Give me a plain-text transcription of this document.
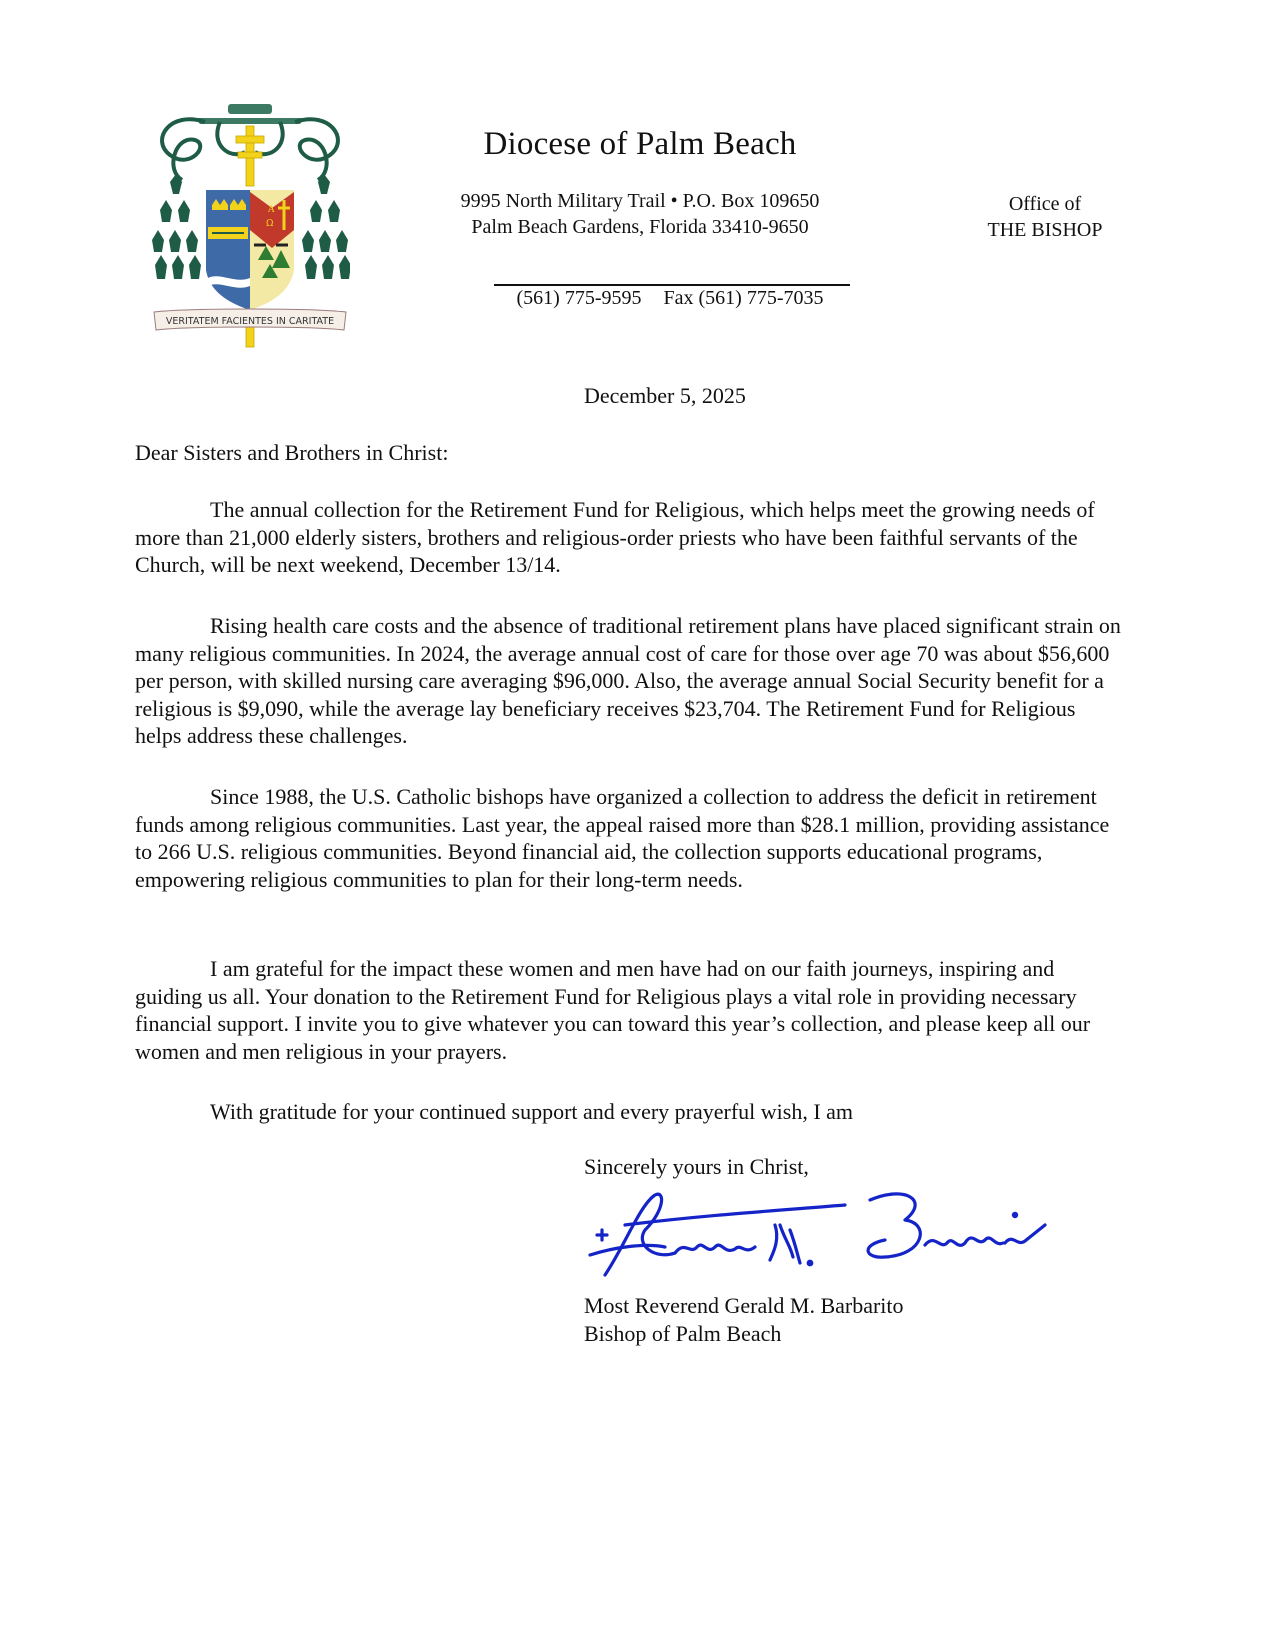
A
Ω
VERITATEM FACIENTES IN CARITATE
Diocese of Palm Beach
9995 North Military Trail • P.O. Box 109650
Palm Beach Gardens, Florida 33410-9650
(561) 775-9595 Fax (561) 775-7035
Office of
THE BISHOP
December 5, 2025
Dear Sisters and Brothers in Christ:

The annual collection for the Retirement Fund for Religious, which helps meet the growing needs of more than 21,000 elderly sisters, brothers and religious-order priests who have been faithful servants of the Church, will be next weekend, December 13/14.

Rising health care costs and the absence of traditional retirement plans have placed significant strain on many religious communities. In 2024, the average annual cost of care for those over age 70 was about $56,600 per person, with skilled nursing care averaging $96,000. Also, the average annual Social Security benefit for a religious is $9,090, while the average lay beneficiary receives $23,704. The Retirement Fund for Religious helps address these challenges.

Since 1988, the U.S. Catholic bishops have organized a collection to address the deficit in retirement funds among religious communities. Last year, the appeal raised more than $28.1 million, providing assistance to 266 U.S. religious communities. Beyond financial aid, the collection supports educational programs, empowering religious communities to plan for their long-term needs.

I am grateful for the impact these women and men have had on our faith journeys, inspiring and guiding us all. Your donation to the Retirement Fund for Religious plays a vital role in providing necessary financial support. I invite you to give whatever you can toward this year’s collection, and please keep all our women and men religious in your prayers.

With gratitude for your continued support and every prayerful wish, I am

Sincerely yours in Christ,
Most Reverend Gerald M. Barbarito
Bishop of Palm Beach
